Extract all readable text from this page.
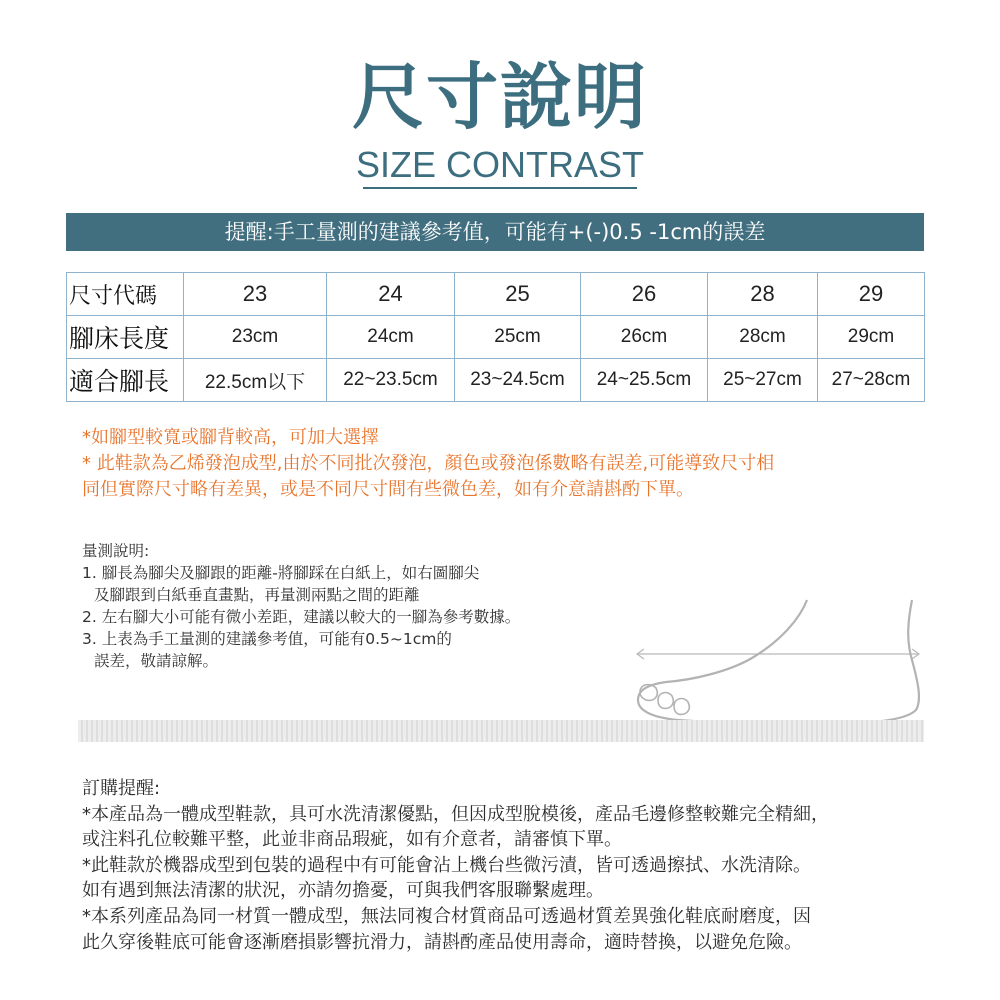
尺寸說明
SIZE CONTRAST
提醒:手工量測的建議參考值，可能有+(-)0.5 -1cm的誤差
尺寸代碼	23	24	25	26	28	29
腳床長度	23cm	24cm	25cm	26cm	28cm	29cm
適合腳長	22.5cm以下	22~23.5cm	23~24.5cm	24~25.5cm	25~27cm	27~28cm
*如腳型較寬或腳背較高，可加大選擇
* 此鞋款為乙烯發泡成型,由於不同批次發泡，顏色或發泡係數略有誤差,可能導致尺寸相
同但實際尺寸略有差異，或是不同尺寸間有些微色差，如有介意請斟酌下單。
量測說明:
1. 腳長為腳尖及腳跟的距離-將腳踩在白紙上，如右圖腳尖
及腳跟到白紙垂直畫點，再量測兩點之間的距離
2. 左右腳大小可能有微小差距，建議以較大的一腳為參考數據。
3. 上表為手工量測的建議參考值，可能有0.5~1cm的
誤差，敬請諒解。
訂購提醒:
*本產品為一體成型鞋款，具可水洗清潔優點，但因成型脫模後，產品毛邊修整較難完全精細，
或注料孔位較難平整，此並非商品瑕疵，如有介意者，請審慎下單。
*此鞋款於機器成型到包裝的過程中有可能會沾上機台些微污漬，皆可透過擦拭、水洗清除。
如有遇到無法清潔的狀況，亦請勿擔憂，可與我們客服聯繫處理。
*本系列產品為同一材質一體成型，無法同複合材質商品可透過材質差異強化鞋底耐磨度，因
此久穿後鞋底可能會逐漸磨損影響抗滑力，請斟酌產品使用壽命，適時替換，以避免危險。
